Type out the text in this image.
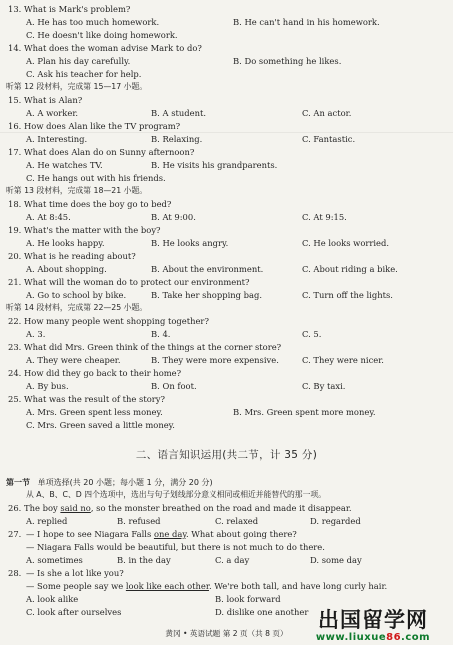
13. What is Mark's problem?
A. He has too much homework.	B. He can't hand in his homework.
C. He doesn't like doing homework.
14. What does the woman advise Mark to do?
A. Plan his day carefully.	B. Do something he likes.
C. Ask his teacher for help.
听第 12 段材料，完成第 15—17 小题。
15. What is Alan?
A. A worker.	B. A student.	C. An actor.
16. How does Alan like the TV program?
A. Interesting.	B. Relaxing.	C. Fantastic.
17. What does Alan do on Sunny afternoon?
A. He watches TV.	B. He visits his grandparents.
C. He hangs out with his friends.
听第 13 段材料，完成第 18—21 小题。
18. What time does the boy go to bed?
A. At 8:45.	B. At 9:00.	C. At 9:15.
19. What's the matter with the boy?
A. He looks happy.	B. He looks angry.	C. He looks worried.
20. What is he reading about?
A. About shopping.	B. About the environment.	C. About riding a bike.
21. What will the woman do to protect our environment?
A. Go to school by bike.	B. Take her shopping bag.	C. Turn off the lights.
听第 14 段材料，完成第 22—25 小题。
22. How many people went shopping together?
A. 3.	B. 4.	C. 5.
23. What did Mrs. Green think of the things at the corner store?
A. They were cheaper.	B. They were more expensive.	C. They were nicer.
24. How did they go back to their home?
A. By bus.	B. On foot.	C. By taxi.
25. What was the result of the story?
A. Mrs. Green spent less money.	B. Mrs. Green spent more money.
C. Mrs. Green saved a little money.
二、语言知识运用(共二节，计 35 分)
第一节 单项选择(共 20 小题；每小题 1 分，满分 20 分)
从 A、B、C、D 四个选项中，选出与句子划线部分意义相同或相近并能替代的那一项。
26. The boy said no, so the monster breathed on the road and made it disappear.
A. replied	B. refused	C. relaxed	D. regarded
27. — I hope to see Niagara Falls one day. What about going there?
— Niagara Falls would be beautiful, but there is not much to do there.
A. sometimes	B. in the day	C. a day	D. some day
28. — Is she a lot like you?
— Some people say we look like each other. We're both tall, and have long curly hair.
A. look alike	B. look forward
C. look after ourselves	D. dislike one another
黄冈 • 英语试题 第 2 页（共 8 页）
出国留学网
www.liuxue86.com
